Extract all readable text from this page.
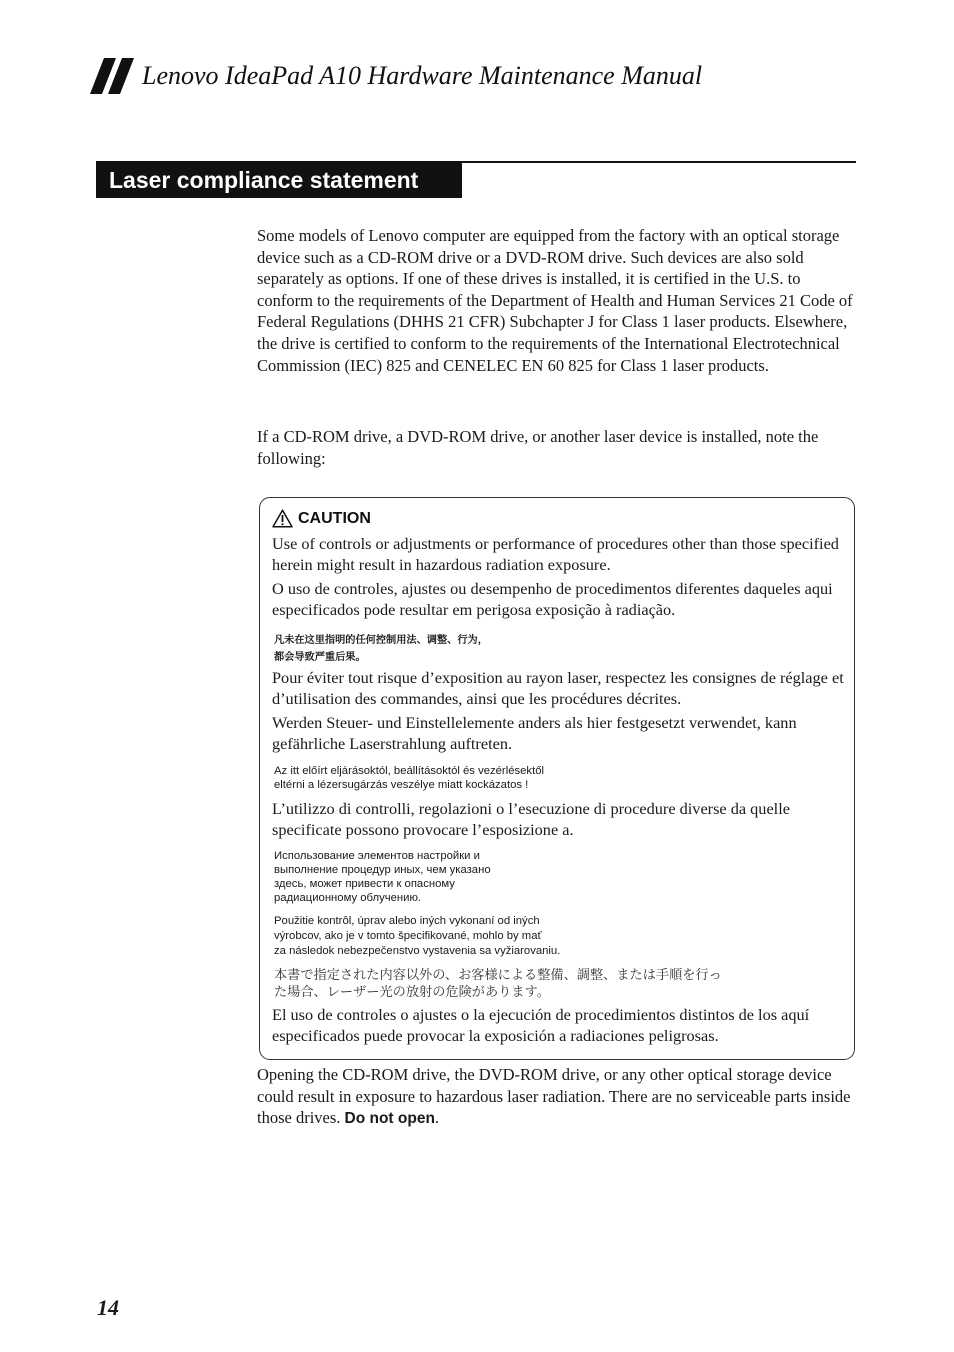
Lenovo IdeaPad A10 Hardware Maintenance Manual
Laser compliance statement

Some models of Lenovo computer are equipped from the factory with an optical storage device such as a CD-ROM drive or a DVD-ROM drive. Such devices are also sold separately as options. If one of these drives is installed, it is certified in the U.S. to conform to the requirements of the Department of Health and Human Services 21 Code of Federal Regulations (DHHS 21 CFR) Subchapter J for Class 1 laser products. Elsewhere, the drive is certified to conform to the requirements of the International Electrotechnical Commission (IEC) 825 and CENELEC EN 60 825 for Class 1 laser products.

If a CD-ROM drive, a DVD-ROM drive, or another laser device is installed, note the following:

CAUTION

Use of controls or adjustments or performance of procedures other than those specified herein might result in hazardous radiation exposure.

O uso de controles, ajustes ou desempenho de procedimentos diferentes daqueles aqui especificados pode resultar em perigosa exposição à radiação.

凡未在这里指明的任何控制用法、调整、行为，

都会导致严重后果。

Pour éviter tout risque d’exposition au rayon laser, respectez les consignes de réglage et d’utilisation des commandes, ainsi que les procédures décrites.

Werden Steuer- und Einstellelemente anders als hier festgesetzt verwendet, kann gefährliche Laserstrahlung auftreten.

Az itt előírt eljárásoktól, beállításoktól és vezérlésektől

eltérni a lézersugárzás veszélye miatt kockázatos !

L’utilizzo di controlli, regolazioni o l’esecuzione di procedure diverse da quelle specificate possono provocare l’esposizione a.

Использование элементов настройки и

выполнение процедур иных, чем указано

здесь, может привести к опасному

радиационному облучению.

Použitie kontrôl, úprav alebo iných vykonaní od iných

výrobcov, ako je v tomto špecifikované, mohlo by mať

za následok nebezpečenstvo vystavenia sa vyžiarovaniu.

本書で指定された内容以外の、お客様による整備、調整、または手順を行っ

た場合、レーザー光の放射の危険があります。

El uso de controles o ajustes o la ejecución de procedimientos distintos de los aquí especificados puede provocar la exposición a radiaciones peligrosas.

Opening the CD-ROM drive, the DVD-ROM drive, or any other optical storage device could result in exposure to hazardous laser radiation. There are no serviceable parts inside those drives. Do not open.

14
